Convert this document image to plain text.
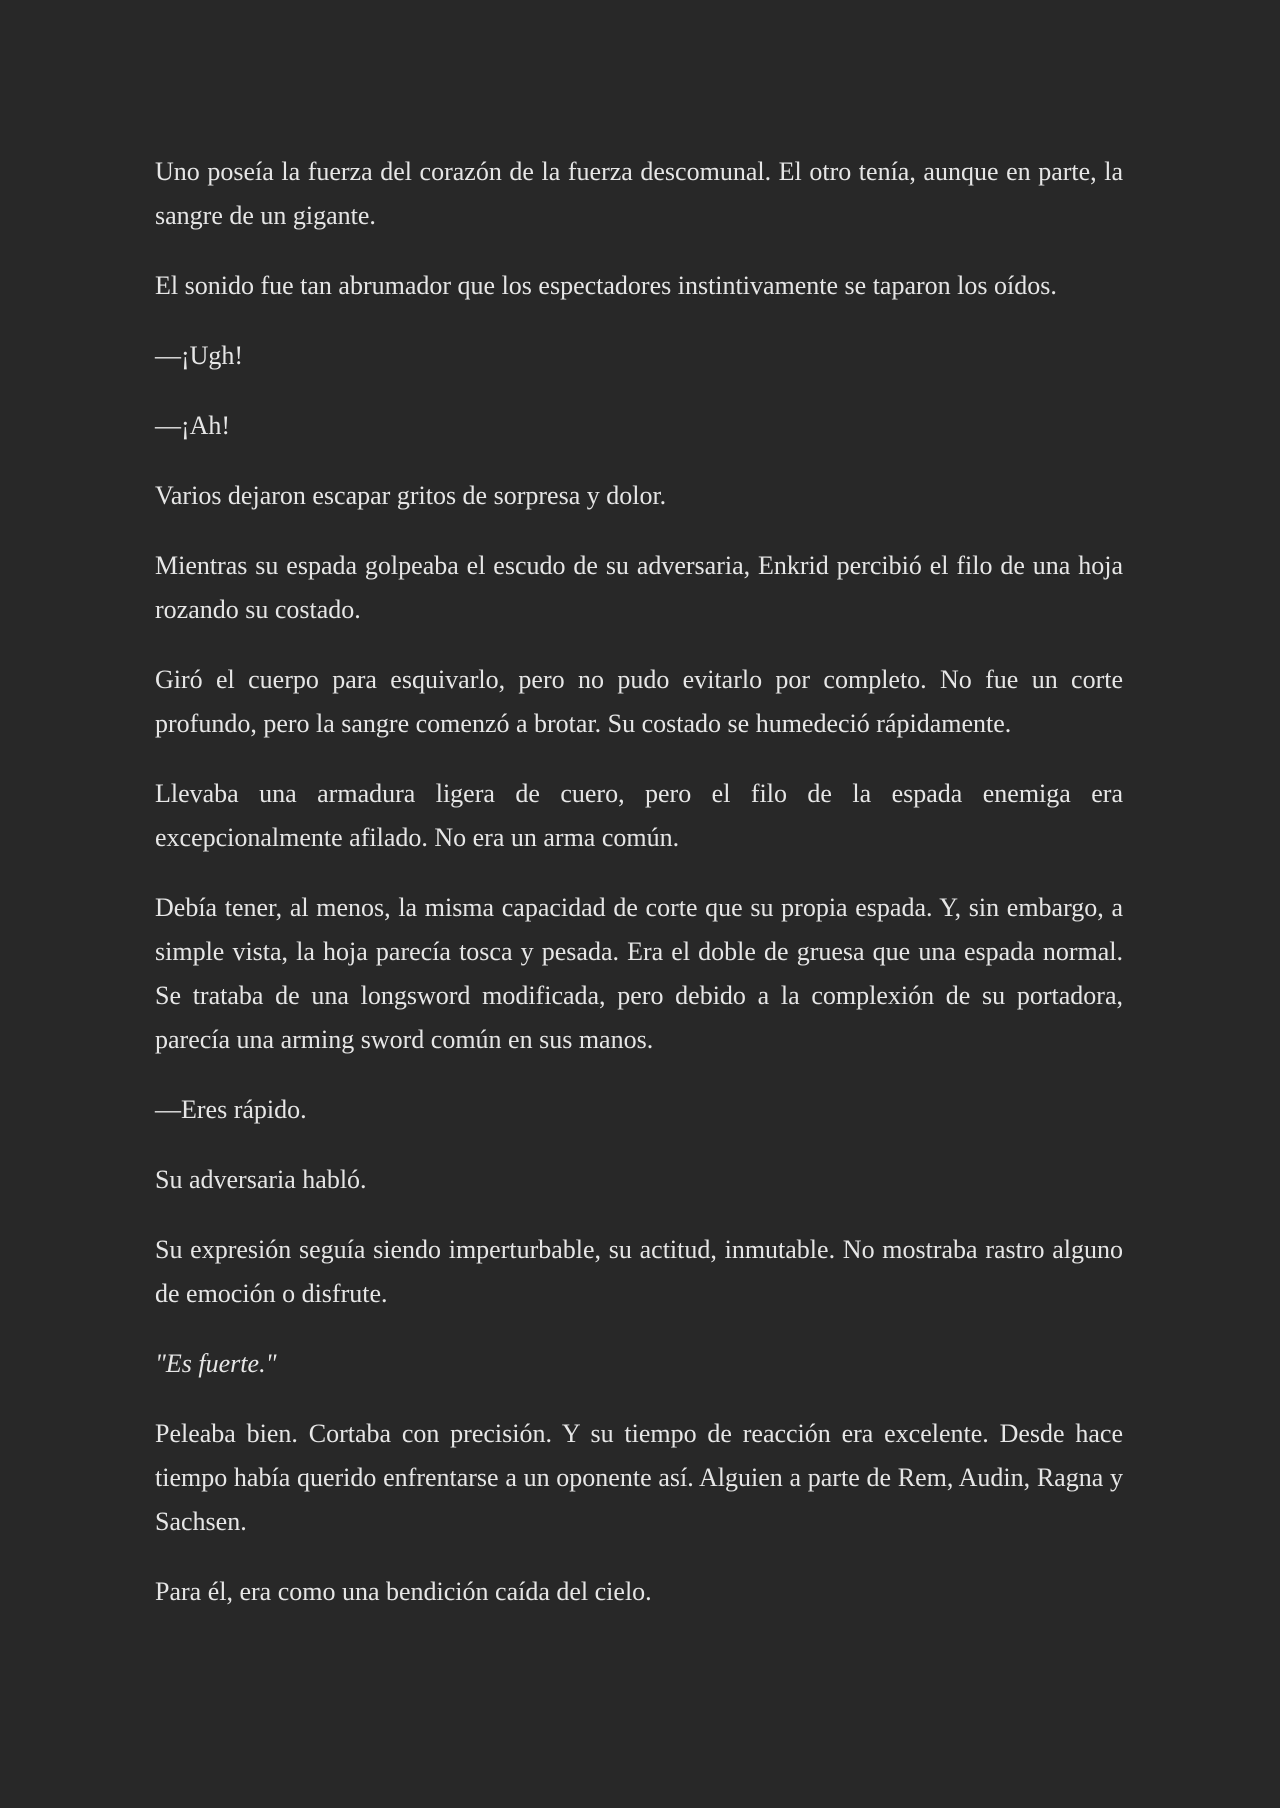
Uno poseía la fuerza del corazón de la fuerza descomunal. El otro tenía, aunque en parte, la sangre de un gigante.

El sonido fue tan abrumador que los espectadores instintivamente se taparon los oídos.

—¡Ugh!

—¡Ah!

Varios dejaron escapar gritos de sorpresa y dolor.

Mientras su espada golpeaba el escudo de su adversaria, Enkrid percibió el filo de una hoja rozando su costado.

Giró el cuerpo para esquivarlo, pero no pudo evitarlo por completo. No fue un corte profundo, pero la sangre comenzó a brotar. Su costado se humedeció rápidamente.

Llevaba una armadura ligera de cuero, pero el filo de la espada enemiga era excepcionalmente afilado. No era un arma común.

Debía tener, al menos, la misma capacidad de corte que su propia espada. Y, sin embargo, a simple vista, la hoja parecía tosca y pesada. Era el doble de gruesa que una espada normal. Se trataba de una longsword modificada, pero debido a la complexión de su portadora, parecía una arming sword común en sus manos.

—Eres rápido.

Su adversaria habló.

Su expresión seguía siendo imperturbable, su actitud, inmutable. No mostraba rastro alguno de emoción o disfrute.

"Es fuerte."

Peleaba bien. Cortaba con precisión. Y su tiempo de reacción era excelente. Desde hace tiempo había querido enfrentarse a un oponente así. Alguien a parte de Rem, Audin, Ragna y Sachsen.

Para él, era como una bendición caída del cielo.
